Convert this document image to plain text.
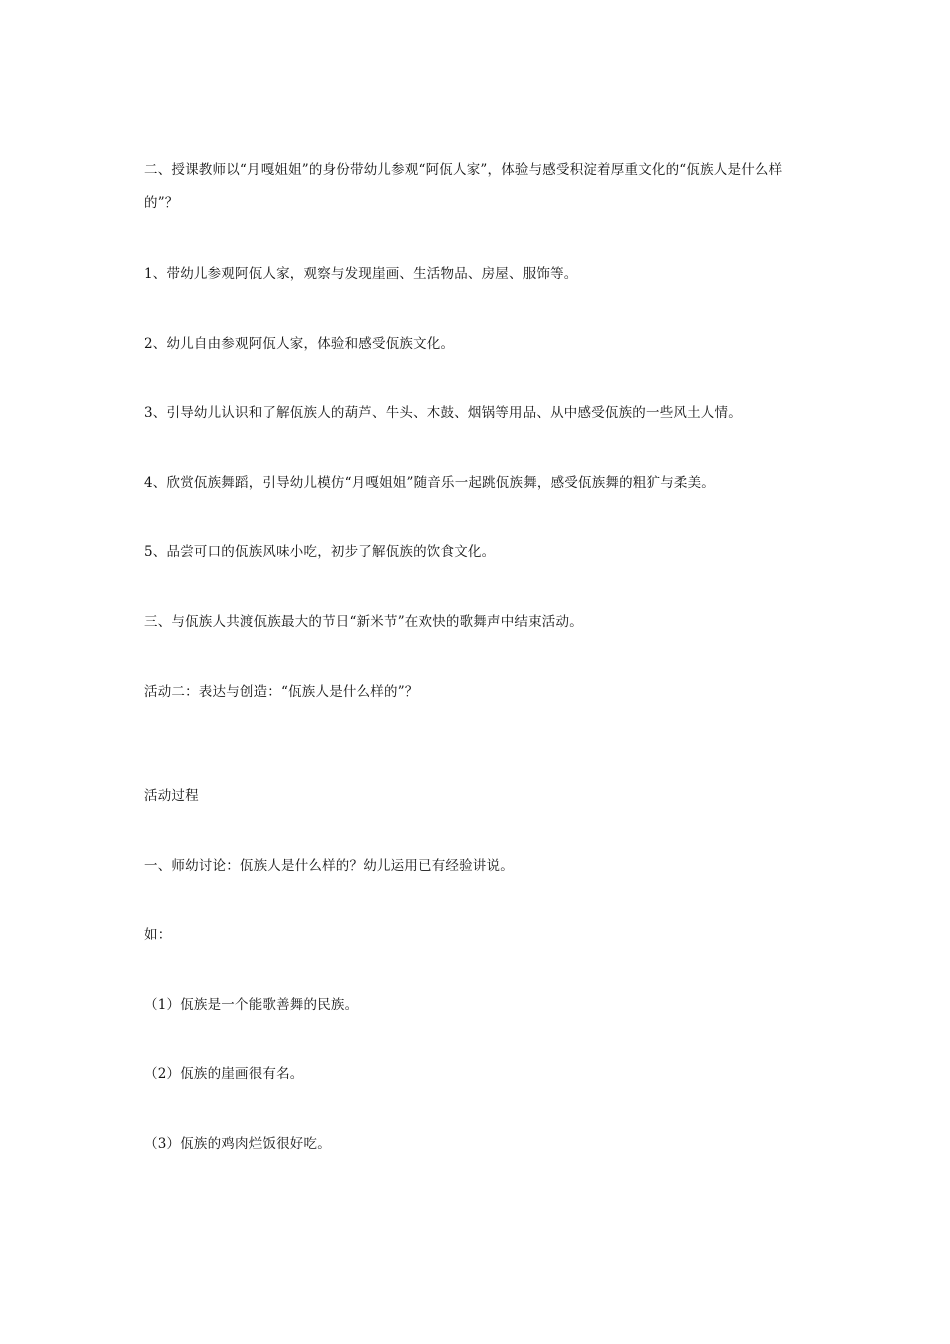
二、授课教师以“月嘎姐姐”的身份带幼儿参观“阿佤人家”，体验与感受积淀着厚重文化的“佤族人是什么样的”？
1、带幼儿参观阿佤人家，观察与发现崖画、生活物品、房屋、服饰等。
2、幼儿自由参观阿佤人家，体验和感受佤族文化。
3、引导幼儿认识和了解佤族人的葫芦、牛头、木鼓、烟锅等用品、从中感受佤族的一些风土人情。
4、欣赏佤族舞蹈，引导幼儿模仿“月嘎姐姐”随音乐一起跳佤族舞，感受佤族舞的粗犷与柔美。
5、品尝可口的佤族风味小吃，初步了解佤族的饮食文化。
三、与佤族人共渡佤族最大的节日“新米节”在欢快的歌舞声中结束活动。
活动二：表达与创造：“佤族人是什么样的”？
活动过程
一、师幼讨论：佤族人是什么样的？幼儿运用已有经验讲说。
如：
（1）佤族是一个能歌善舞的民族。
（2）佤族的崖画很有名。
（3）佤族的鸡肉烂饭很好吃。
